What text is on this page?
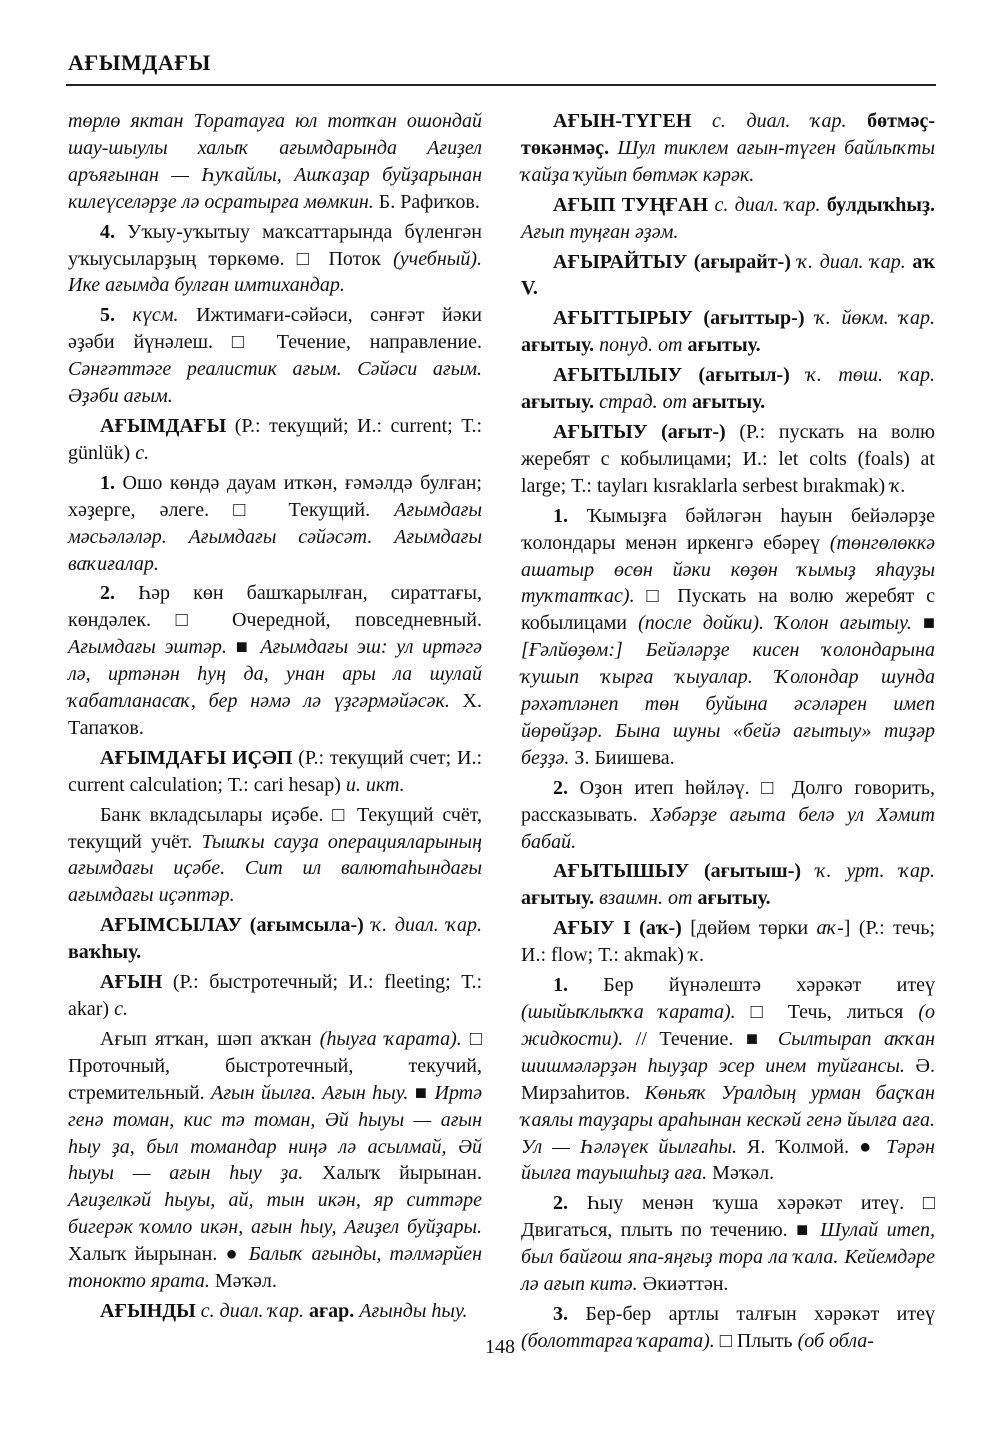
АҒЫМДАҒЫ

төрлө яктан Торатауға юл тотҡан ошондай шау-шыулы халыҡ ағымдарында Ағиҙел аръяғынан — Һуҡайлы, Ашҡаҙар буйҙарынан килеүселәрҙе лә осратырға мөмкин. Б. Рафиҡов.

4. Уҡыу-уҡытыу маҡсаттарында бүленгән уҡыусыларҙың төркөмө. □ Поток (учебный). Ике ағымда булған имтихандар.

5. күсм. Ижтимағи-сәйәси, сәнғәт йәки әҙәби йүнәлеш. □ Течение, направление. Сәнғәттәге реалистик ағым. Сәйәси ағым. Әҙәби ағым.

АҒЫМДАҒЫ (Р.: текущий; И.: current; Т.: günlük) с.

1. Ошо көндә дауам иткән, ғәмәлдә булған; хәҙерге, әлеге. □ Текущий. Ағымдағы мәсьәләләр. Ағымдағы сәйәсәт. Ағымдағы ваҡиғалар.

2. Һәр көн башҡарылған, сираттағы, көндәлек. □ Очередной, повседневный. Ағымдағы эштәр. ■ Ағымдағы эш: ул иртәгә лә, иртәнән һуң да, унан ары ла шулай ҡабатланасаҡ, бер нәмә лә үҙгәрмәйәсәк. Х. Тапаҡов.

АҒЫМДАҒЫ ИҪӘП (Р.: текущий счет; И.: current calculation; Т.: cari hesap) и. икт.

Банк вкладсылары иҫәбе. □ Текущий счёт, текущий учёт. Тышҡы сауҙа операцияларының ағымдағы иҫәбе. Сит ил валютаһындағы ағымдағы иҫәптәр.

АҒЫМСЫЛАУ (ағымсыла-) ҡ. диал. ҡар. ваҡһыу.

АҒЫН (Р.: быстротечный; И.: fleeting; Т.: akar) с.

Ағып ятҡан, шәп аҡҡан (һыуға ҡарата). □ Проточный, быстротечный, текучий, стремительный. Ағын йылға. Ағын һыу. ■ Иртә генә томан, кис тә томан, Әй һыуы — ағын һыу ҙа, был томандар ниңә лә асылмай, Әй һыуы — ағын һыу ҙа. Халыҡ йырынан. Ағиҙелкәй һыуы, ай, тын икән, яр ситтәре бигерәк ҡомло икән, ағын һыу, Ағиҙел буйҙары. Халыҡ йырынан. ● Балыҡ ағынды, тәлмәрйен тонокто ярата. Мәҡәл.

АҒЫНДЫ с. диал. ҡар. ағар. Ағынды һыу.

АҒЫН-ТҮГЕН с. диал. ҡар. бөтмәҫ-төкәнмәҫ. Шул тиклем ағын-түген байлыҡты ҡайҙа ҡуйып бөтмәк кәрәк.

АҒЫП ТУҢҒАН с. диал. ҡар. булдыҡһыҙ. Ағып туңған әҙәм.

АҒЫРАЙТЫУ (ағырайт-) ҡ. диал. ҡар. аҡ V.

АҒЫТТЫРЫУ (ағыттыр-) ҡ. йөкм. ҡар. ағытыу. понуд. от ағытыу.

АҒЫТЫЛЫУ (ағытыл-) ҡ. төш. ҡар. ағытыу. страд. от ағытыу.

АҒЫТЫУ (ағыт-) (Р.: пускать на волю жеребят с кобылицами; И.: let colts (foals) at large; Т.: tayları kısraklarla serbest bırakmak) ҡ.

1. Ҡымыҙға бәйләгән һауын бейәләрҙе ҡолондары менән иркенгә ебәреү (төнгөлөккә ашатыр өсөн йәки көҙөн ҡымыҙ яһауҙы туҡтатҡас). □ Пускать на волю жеребят с кобылицами (после дойки). Ҡолон ағытыу. ■ [Ғәлйөҙөм:] Бейәләрҙе кисен ҡолондарына ҡушып ҡырға ҡыуалар. Ҡолондар шунда рәхәтләнеп төн буйына әсәләрен имеп йөрөйҙәр. Бына шуны «бейә ағытыу» тиҙәр беҙҙә. З. Биишева.

2. Оҙон итеп һөйләү. □ Долго говорить, рассказывать. Хәбәрҙе ағыта белә ул Хәмит бабай.

АҒЫТЫШЫУ (ағытыш-) ҡ. урт. ҡар. ағытыу. взаимн. от ағытыу.

АҒЫУ I (аҡ-) [дөйөм төрки аҡ-] (Р.: течь; И.: flow; Т.: akmak) ҡ.

1. Бер йүнәлештә хәрәкәт итеү (шыйыҡлыҡҡа ҡарата). □ Течь, литься (о жидкости). // Течение. ■ Сылтырап аҡҡан шишмәләрҙән һыуҙар эсер инем туйғансы. Ә. Мирзаһитов. Көньяҡ Уралдың урман баҫҡан ҡаялы тауҙары араһынан кескәй генә йылға аға. Ул — Һәләүек йылғаһы. Я. Ҡолмой. ● Тәрән йылға тауышһыҙ аға. Мәҡәл.

2. Һыу менән ҡуша хәрәкәт итеү. □ Двигаться, плыть по течению. ■ Шулай итеп, был байғош япа-яңғыҙ тора ла ҡала. Кейемдәре лә ағып китә. Әкиәттән.

3. Бер-бер артлы талғын хәрәкәт итеү (болоттарға ҡарата). □ Плыть (об обла-

148
